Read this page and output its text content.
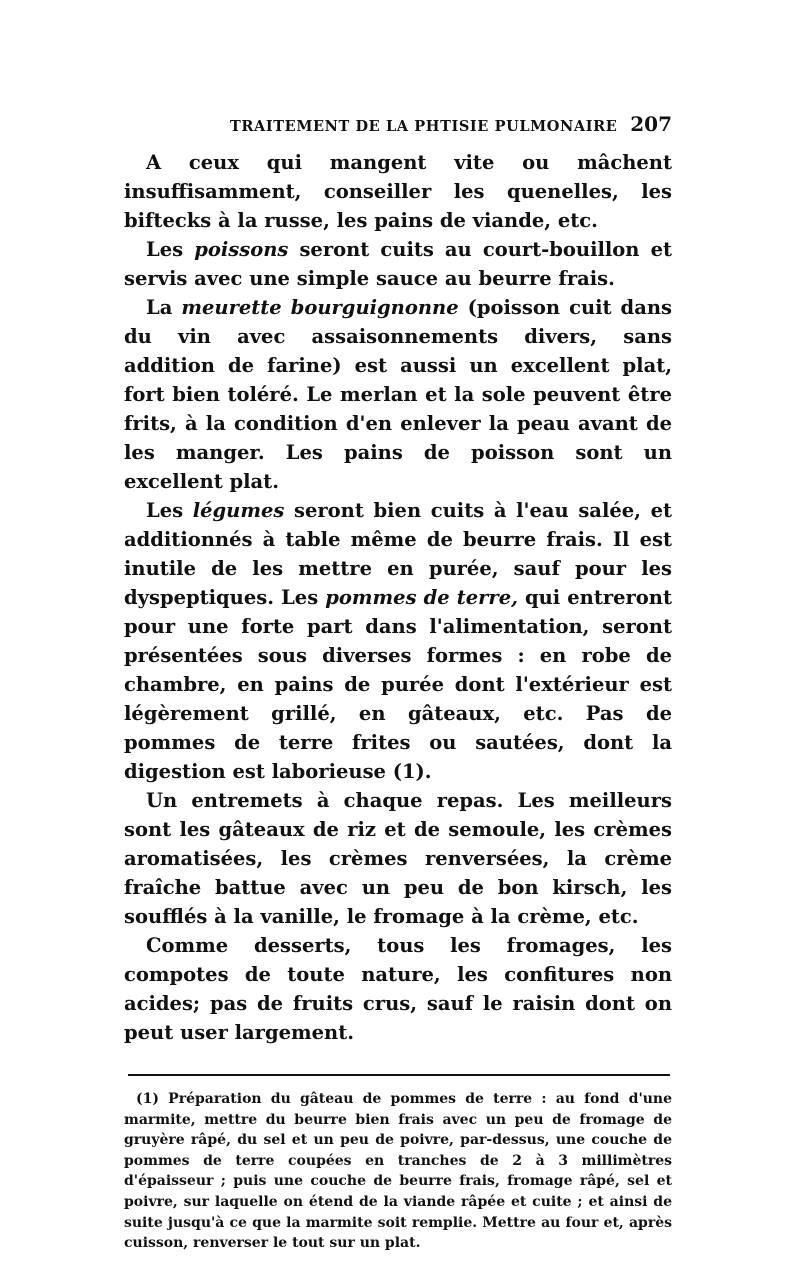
TRAITEMENT DE LA PHTISIE PULMONAIRE 207

A ceux qui mangent vite ou mâchent insuffisamment, conseiller les quenelles, les biftecks à la russe, les pains de viande, etc.

Les poissons seront cuits au court-bouillon et servis avec une simple sauce au beurre frais.

La meurette bourguignonne (poisson cuit dans du vin avec assaisonnements divers, sans addition de farine) est aussi un excellent plat, fort bien toléré. Le merlan et la sole peuvent être frits, à la condition d'en enlever la peau avant de les manger. Les pains de poisson sont un excellent plat.

Les légumes seront bien cuits à l'eau salée, et additionnés à table même de beurre frais. Il est inutile de les mettre en purée, sauf pour les dyspeptiques. Les pommes de terre, qui entreront pour une forte part dans l'alimentation, seront présentées sous diverses formes : en robe de chambre, en pains de purée dont l'extérieur est légèrement grillé, en gâteaux, etc. Pas de pommes de terre frites ou sautées, dont la digestion est laborieuse (1).

Un entremets à chaque repas. Les meilleurs sont les gâteaux de riz et de semoule, les crèmes aromatisées, les crèmes renversées, la crème fraîche battue avec un peu de bon kirsch, les soufflés à la vanille, le fromage à la crème, etc.

Comme desserts, tous les fromages, les compotes de toute nature, les confitures non acides; pas de fruits crus, sauf le raisin dont on peut user largement.

(1) Préparation du gâteau de pommes de terre : au fond d'une marmite, mettre du beurre bien frais avec un peu de fromage de gruyère râpé, du sel et un peu de poivre, par-dessus, une couche de pommes de terre coupées en tranches de 2 à 3 millimètres d'épaisseur ; puis une couche de beurre frais, fromage râpé, sel et poivre, sur laquelle on étend de la viande râpée et cuite ; et ainsi de suite jusqu'à ce que la marmite soit remplie. Mettre au four et, après cuisson, renverser le tout sur un plat.
